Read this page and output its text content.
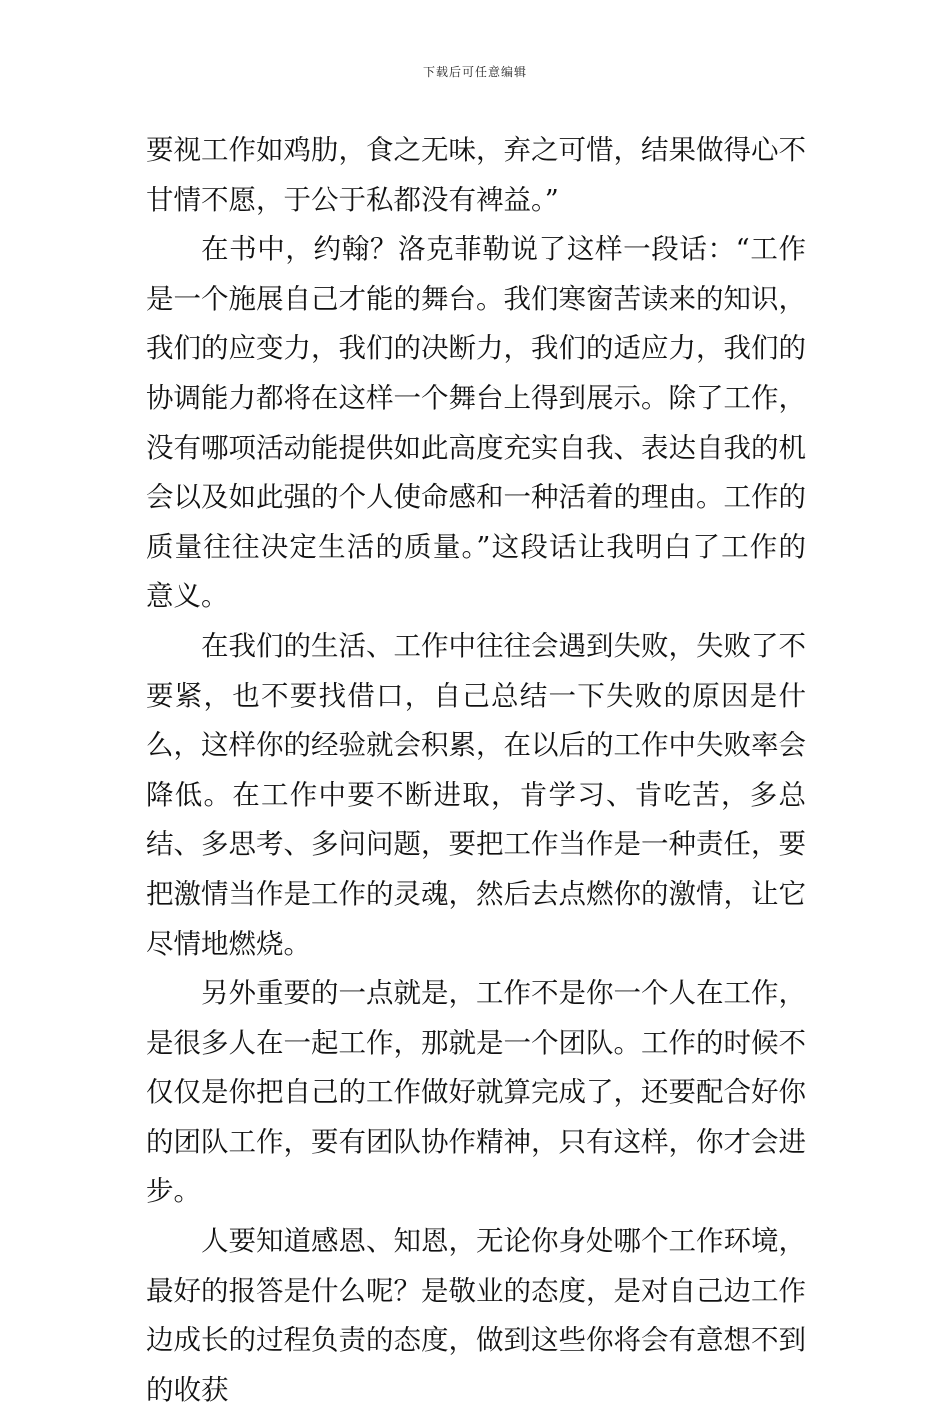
下载后可任意编辑

要视工作如鸡肋，食之无味，弃之可惜，结果做得心不甘情不愿，于公于私都没有裨益。”

在书中，约翰？洛克菲勒说了这样一段话：“工作是一个施展自己才能的舞台。我们寒窗苦读来的知识，我们的应变力，我们的决断力，我们的适应力，我们的协调能力都将在这样一个舞台上得到展示。除了工作，没有哪项活动能提供如此高度充实自我、表达自我的机会以及如此强的个人使命感和一种活着的理由。工作的质量往往决定生活的质量。”这段话让我明白了工作的意义。

在我们的生活、工作中往往会遇到失败，失败了不要紧，也不要找借口，自己总结一下失败的原因是什么，这样你的经验就会积累，在以后的工作中失败率会降低。在工作中要不断进取，肯学习、肯吃苦，多总结、多思考、多问问题，要把工作当作是一种责任，要把激情当作是工作的灵魂，然后去点燃你的激情，让它尽情地燃烧。

另外重要的一点就是，工作不是你一个人在工作，是很多人在一起工作，那就是一个团队。工作的时候不仅仅是你把自己的工作做好就算完成了，还要配合好你的团队工作，要有团队协作精神，只有这样，你才会进步。

人要知道感恩、知恩，无论你身处哪个工作环境，最好的报答是什么呢？是敬业的态度，是对自己边工作边成长的过程负责的态度，做到这些你将会有意想不到的收获
